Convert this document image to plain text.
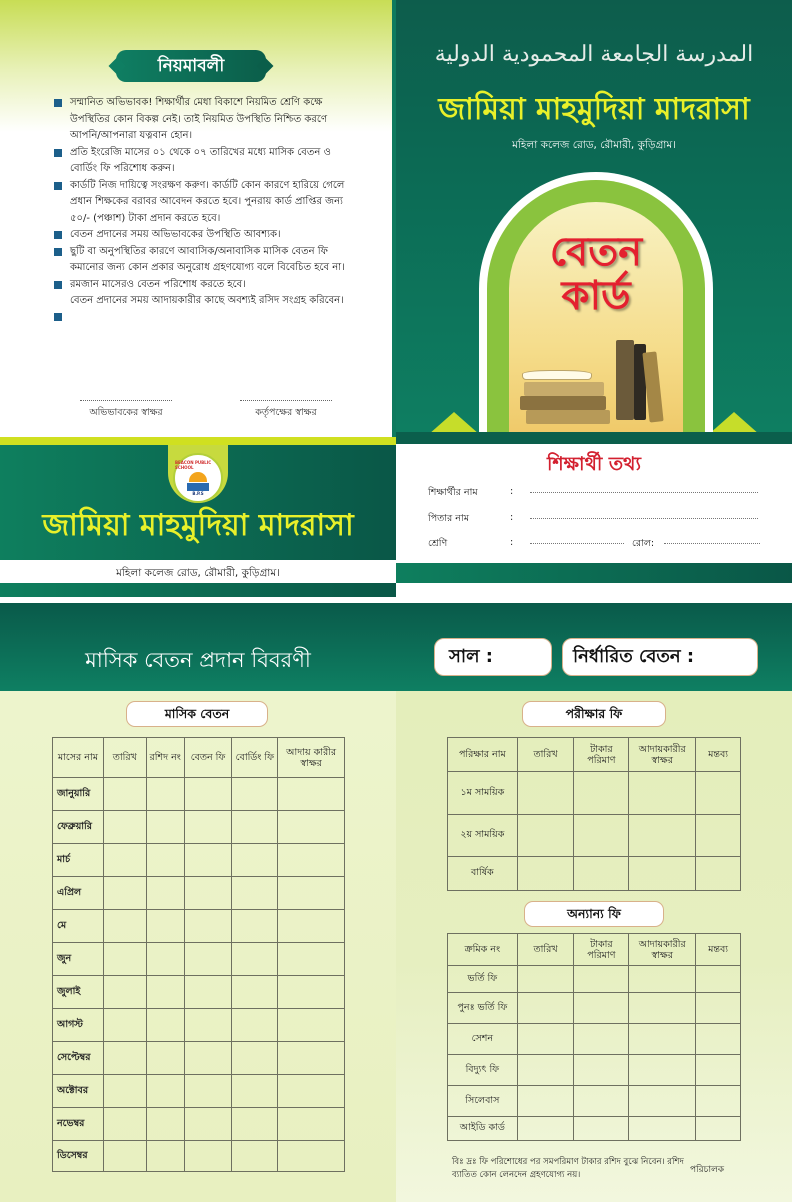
নিয়মাবলী
সম্মানিত অভিভাবক! শিক্ষার্থীর মেধা বিকাশে নিয়মিত শ্রেণি কক্ষে উপস্থিতির কোন বিকল্প নেই। তাই নিয়মিত উপস্থিতি নিশ্চিত করণে আপনি/আপনারা যত্নবান হোন।
প্রতি ইংরেজি মাসের ০১ থেকে ০৭ তারিখের মধ্যে মাসিক বেতন ও বোর্ডিং ফি পরিশোধ করুন।
কার্ডটি নিজ দায়িত্বে সংরক্ষণ করুণ। কার্ডটি কোন কারণে হারিয়ে গেলে প্রধান শিক্ষকের বরাবর আবেদন করতে হবে। পুনরায় কার্ড প্রাপ্তির জন্য ৫০/- (পঞ্চাশ) টাকা প্রদান করতে হবে।
বেতন প্রদানের সময় অভিভাবকের উপস্থিতি আবশ্যক।
ছুটি বা অনুপস্থিতির কারণে আবাসিক/অনাবাসিক মাসিক বেতন ফি কমানোর জন্য কোন প্রকার অনুরোধ গ্রহণযোগ্য বলে বিবেচিত হবে না।
রমজান মাসেরও বেতন পরিশোধ করতে হবে।
বেতন প্রদানের সময় আদায়কারীর কাছে অবশ্যই রসিদ সংগ্রহ করিবেন।
অভিভাবকের স্বাক্ষর	কর্তৃপক্ষের স্বাক্ষর
BEACON PUBLIC SCHOOL
B.P.S
জামিয়া মাহমুদিয়া মাদরাসা
মহিলা কলেজ রোড, রৌমারী, কুড়িগ্রাম।
المدرسة الجامعة المحمودية الدولية
জামিয়া মাহমুদিয়া মাদরাসা
মহিলা কলেজ রোড, রৌমারী, কুড়িগ্রাম।
বেতন
কার্ড
শিক্ষার্থী তথ্য
শিক্ষার্থীর নাম	:
পিতার নাম	:
শ্রেণি	:	রোল:
মাসিক বেতন প্রদান বিবরণী	সাল :	নির্ধারিত বেতন :
মাসিক বেতন
মাসের নাম	তারিখ	রশিদ নং	বেতন ফি	বোর্ডিং ফি	আদায় কারীর স্বাক্ষর
জানুয়ারি					
ফেব্রুয়ারি					
মার্চ					
এপ্রিল					
মে					
জুন					
জুলাই					
আগস্ট					
সেপ্টেম্বর					
অক্টোবর					
নভেম্বর					
ডিসেম্বর					
পরীক্ষার ফি
পরিক্ষার নাম	তারিখ	টাকার পরিমাণ	আদায়কারীর স্বাক্ষর	মন্তব্য
১ম সাময়িক				
২য় সাময়িক				
বার্ষিক				
অন্যান্য ফি
ক্রমিক নং	তারিখ	টাকার পরিমাণ	আদায়কারীর স্বাক্ষর	মন্তব্য
ভর্তি ফি				
পুনঃ ভর্তি ফি				
সেশন				
বিদ্যুৎ ফি				
সিলেবাস				
আইডি কার্ড				
বিঃ দ্রঃ ফি পরিশোধের পর সমপরিমাণ টাকার রশিদ বুঝে নিবেন। রশিদ ব্যাতিত কোন লেনদেন গ্রহণযোগ্য নয়।	পরিচালক
